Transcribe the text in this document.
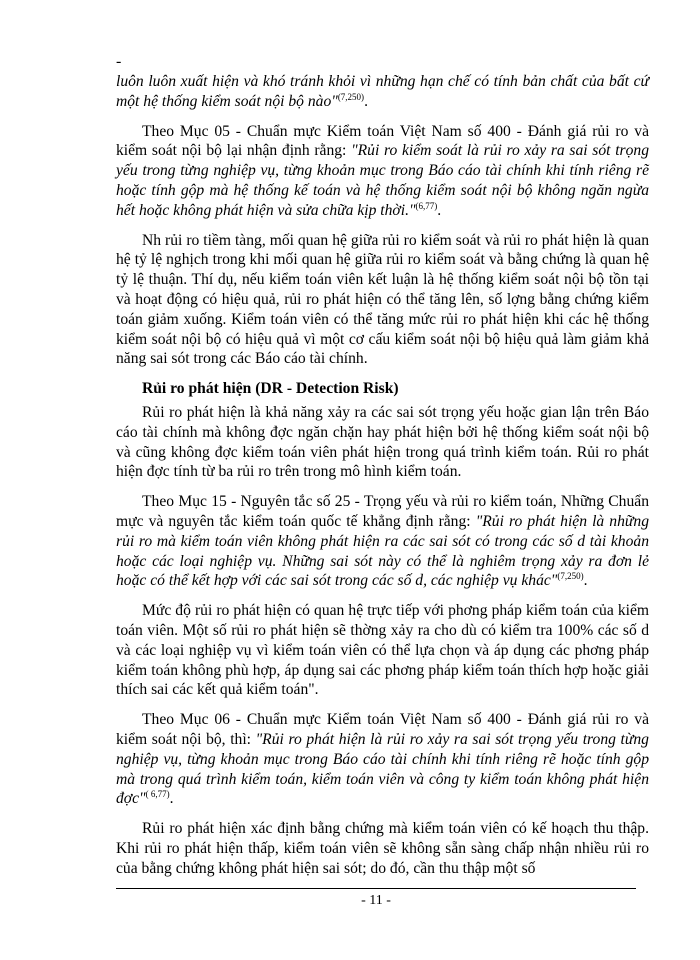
-

luôn luôn xuất hiện và khó tránh khỏi vì những hạn chế có tính bản chất của bất cứ một hệ thống kiểm soát nội bộ nào"$^{(7,250)}$.

Theo Mục 05 - Chuẩn mực Kiểm toán Việt Nam số 400 - Đánh giá rủi ro và kiểm soát nội bộ lại nhận định rằng: "Rủi ro kiểm soát là rủi ro xảy ra sai sót trọng yếu trong từng nghiệp vụ, từng khoản mục trong Báo cáo tài chính khi tính riêng rẽ hoặc tính gộp mà hệ thống kế toán và hệ thống kiểm soát nội bộ không ngăn ngừa hết hoặc không phát hiện và sửa chữa kịp thời."$^{(6,77)}$.

Nh rủi ro tiềm tàng, mối quan hệ giữa rủi ro kiểm soát và rủi ro phát hiện là quan hệ tỷ lệ nghịch trong khi mối quan hệ giữa rủi ro kiểm soát và bằng chứng là quan hệ tỷ lệ thuận. Thí dụ, nếu kiểm toán viên kết luận là hệ thống kiểm soát nội bộ tồn tại và hoạt động có hiệu quả, rủi ro phát hiện có thể tăng lên, số lợng bằng chứng kiểm toán giảm xuống. Kiểm toán viên có thể tăng mức rủi ro phát hiện khi các hệ thống kiểm soát nội bộ có hiệu quả vì một cơ cấu kiểm soát nội bộ hiệu quả làm giảm khả năng sai sót trong các Báo cáo tài chính.

Rủi ro phát hiện (DR - Detection Risk)

Rủi ro phát hiện là khả năng xảy ra các sai sót trọng yếu hoặc gian lận trên Báo cáo tài chính mà không đợc ngăn chặn hay phát hiện bởi hệ thống kiểm soát nội bộ và cũng không đợc kiểm toán viên phát hiện trong quá trình kiểm toán. Rủi ro phát hiện đợc tính từ ba rủi ro trên trong mô hình kiểm toán.

Theo Mục 15 - Nguyên tắc số 25 - Trọng yếu và rủi ro kiểm toán, Những Chuẩn mực và nguyên tắc kiểm toán quốc tế khẳng định rằng: "Rủi ro phát hiện là những rủi ro mà kiểm toán viên không phát hiện ra các sai sót có trong các số d tài khoản hoặc các loại nghiệp vụ. Những sai sót này có thể là nghiêm trọng xảy ra đơn lẻ hoặc có thể kết hợp với các sai sót trong các số d, các nghiệp vụ khác"$^{(7,250)}$.

Mức độ rủi ro phát hiện có quan hệ trực tiếp với phơng pháp kiểm toán của kiểm toán viên. Một số rủi ro phát hiện sẽ thờng xảy ra cho dù có kiểm tra 100% các số d và các loại nghiệp vụ vì kiểm toán viên có thể lựa chọn và áp dụng các phơng pháp kiểm toán không phù hợp, áp dụng sai các phơng pháp kiểm toán thích hợp hoặc giải thích sai các kết quả kiểm toán".

Theo Mục 06 - Chuẩn mực Kiểm toán Việt Nam số 400 - Đánh giá rủi ro và kiểm soát nội bộ, thì: "Rủi ro phát hiện là rủi ro xảy ra sai sót trọng yếu trong từng nghiệp vụ, từng khoản mục trong Báo cáo tài chính khi tính riêng rẽ hoặc tính gộp mà trong quá trình kiểm toán, kiểm toán viên và công ty kiểm toán không phát hiện đợc"$^{( 6,77)}$.

Rủi ro phát hiện xác định bằng chứng mà kiểm toán viên có kế hoạch thu thập. Khi rủi ro phát hiện thấp, kiểm toán viên sẽ không sẵn sàng chấp nhận nhiều rủi ro của bằng chứng không phát hiện sai sót; do đó, cần thu thập một số

- 11 -
